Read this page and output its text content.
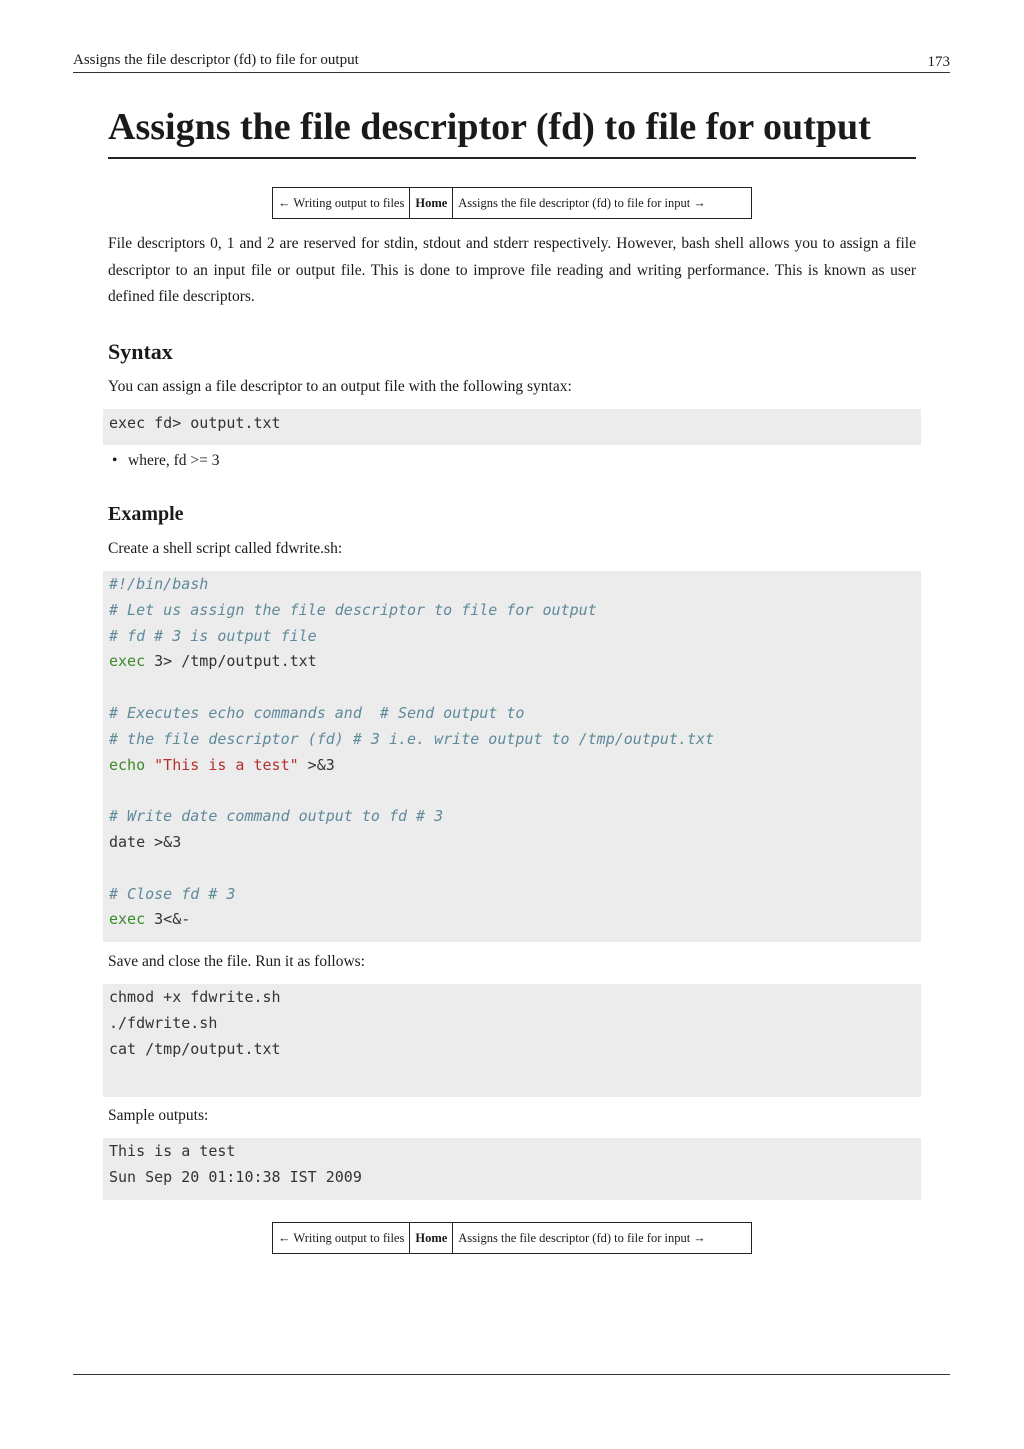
Assigns the file descriptor (fd) to file for output	173
Assigns the file descriptor (fd) to file for output
← Writing output to files Home Assigns the file descriptor (fd) to file for input →

File descriptors 0, 1 and 2 are reserved for stdin, stdout and stderr respectively. However, bash shell allows you to assign a file descriptor to an input file or output file. This is done to improve file reading and writing performance. This is known as user defined file descriptors.

Syntax

You can assign a file descriptor to an output file with the following syntax:

exec fd> output.txt
• where, fd >= 3
Example

Create a shell script called fdwrite.sh:

#!/bin/bash
# Let us assign the file descriptor to file for output
# fd # 3 is output file
exec 3> /tmp/output.txt
# Executes echo commands and  # Send output to
# the file descriptor (fd) # 3 i.e. write output to /tmp/output.txt
echo "This is a test" >&3
# Write date command output to fd # 3
date >&3
# Close fd # 3
exec 3<&-

Save and close the file. Run it as follows:

chmod +x fdwrite.sh
./fdwrite.sh
cat /tmp/output.txt

Sample outputs:

This is a test
Sun Sep 20 01:10:38 IST 2009
← Writing output to files Home Assigns the file descriptor (fd) to file for input →
